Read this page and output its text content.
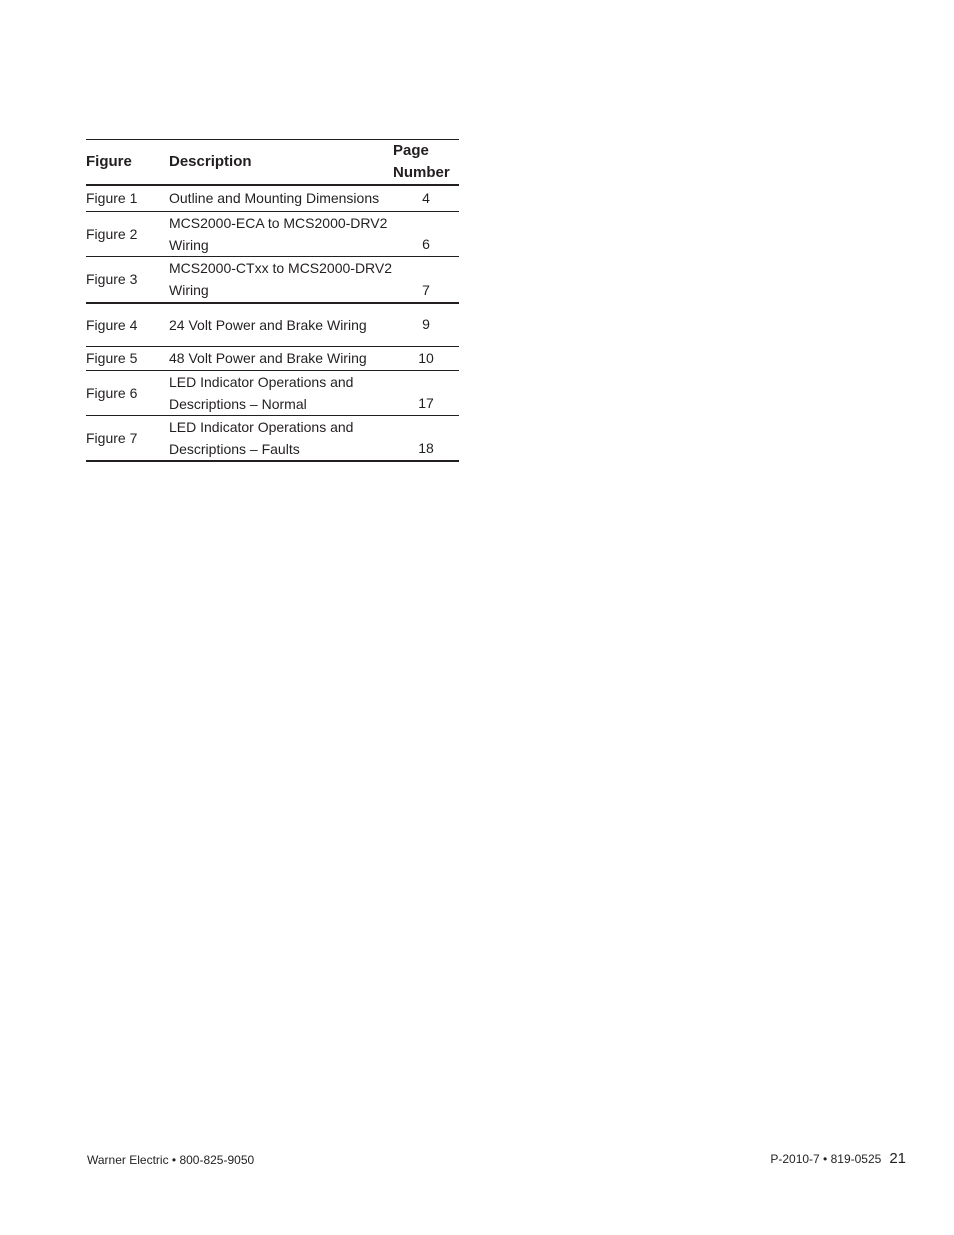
Figure	Description	Page
Number

Figure 1	Outline and Mounting Dimensions	4
Figure 2	MCS2000-ECA to MCS2000-DRV2 Wiring	6
Figure 3	MCS2000-CTxx to MCS2000-DRV2 Wiring	7
Figure 4	24 Volt Power and Brake Wiring	9
Figure 5	48 Volt Power and Brake Wiring	10
Figure 6	LED Indicator Operations and Descriptions – Normal	17
Figure 7	LED Indicator Operations and Descriptions – Faults	18
Warner Electric • 800-825-9050	P-2010-7 • 819-0525 21
